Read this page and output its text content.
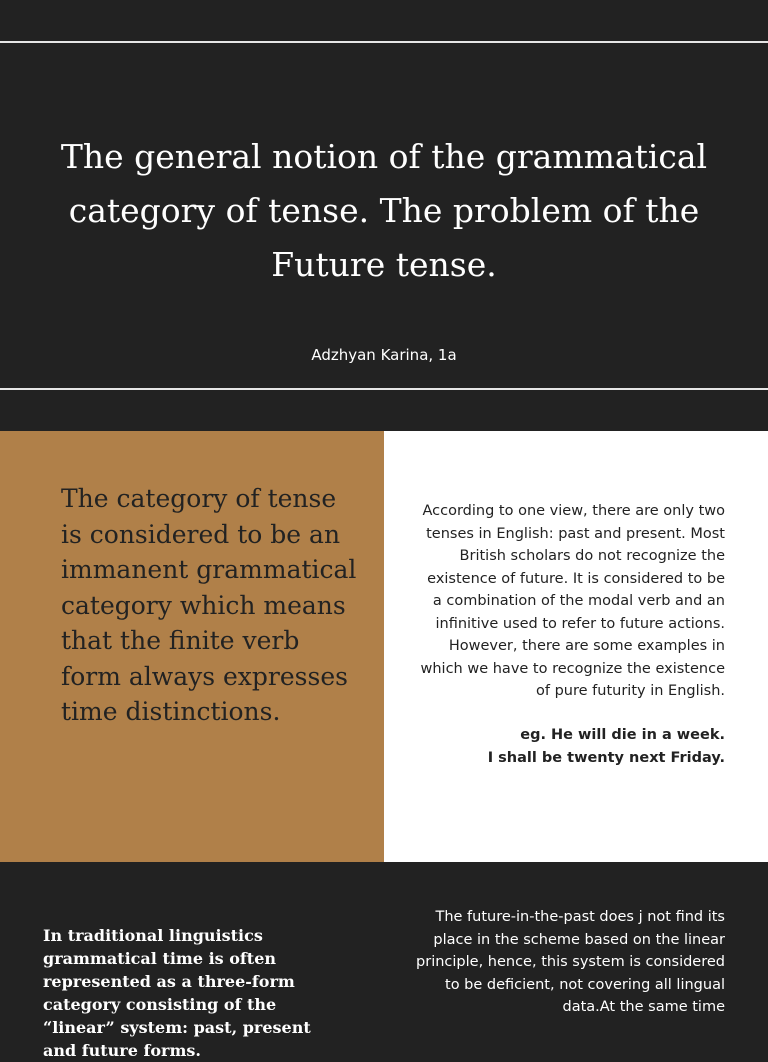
The general notion of the grammatical category of tense. The problem of the Future tense.
Adzhyan Karina, 1a

The category of tense is considered to be an immanent grammatical category which means that the finite verb form always expresses time distinctions.

According to one view, there are only two tenses in English: past and present. Most British scholars do not recognize the existence of future. It is considered to be a combination of the modal verb and an infinitive used to refer to future actions. However, there are some examples in which we have to recognize the existence of pure futurity in English.

eg. He will die in a week.
I shall be twenty next Friday.

In traditional linguistics grammatical time is often represented as a three-form category consisting of the “linear” system: past, present and future forms.

The future-in-the-past does j not find its place in the scheme based on the linear principle, hence, this system is considered to be deficient, not covering all lingual data.At the same time
